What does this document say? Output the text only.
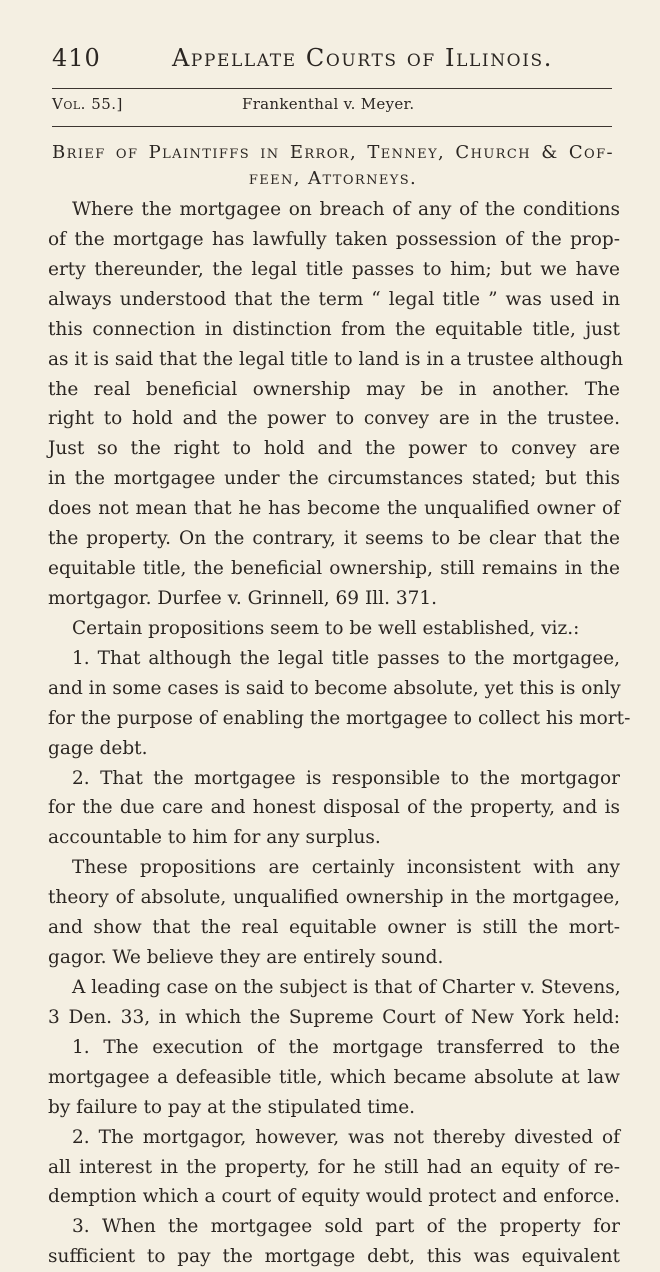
410	Appellate Courts of Illinois.
Vol. 55.]	Frankenthal v. Meyer.
Brief of Plaintiffs in Error, Tenney, Church & Cof-
feen, Attorneys.
Where the mortgagee on breach of any of the conditions
of the mortgage has lawfully taken possession of the prop-
erty thereunder, the legal title passes to him; but we have
always understood that the term “ legal title ” was used in
this connection in distinction from the equitable title, just
as it is said that the legal title to land is in a trustee although
the real beneficial ownership may be in another. The
right to hold and the power to convey are in the trustee.
Just so the right to hold and the power to convey are
in the mortgagee under the circumstances stated; but this
does not mean that he has become the unqualified owner of
the property. On the contrary, it seems to be clear that the
equitable title, the beneficial ownership, still remains in the
mortgagor. Durfee v. Grinnell, 69 Ill. 371.
Certain propositions seem to be well established, viz.:
1. That although the legal title passes to the mortgagee,
and in some cases is said to become absolute, yet this is only
for the purpose of enabling the mortgagee to collect his mort-
gage debt.
2. That the mortgagee is responsible to the mortgagor
for the due care and honest disposal of the property, and is
accountable to him for any surplus.
These propositions are certainly inconsistent with any
theory of absolute, unqualified ownership in the mortgagee,
and show that the real equitable owner is still the mort-
gagor. We believe they are entirely sound.
A leading case on the subject is that of Charter v. Stevens,
3 Den. 33, in which the Supreme Court of New York held:
1. The execution of the mortgage transferred to the
mortgagee a defeasible title, which became absolute at law
by failure to pay at the stipulated time.
2. The mortgagor, however, was not thereby divested of
all interest in the property, for he still had an equity of re-
demption which a court of equity would protect and enforce.
3. When the mortgagee sold part of the property for
sufficient to pay the mortgage debt, this was equivalent
